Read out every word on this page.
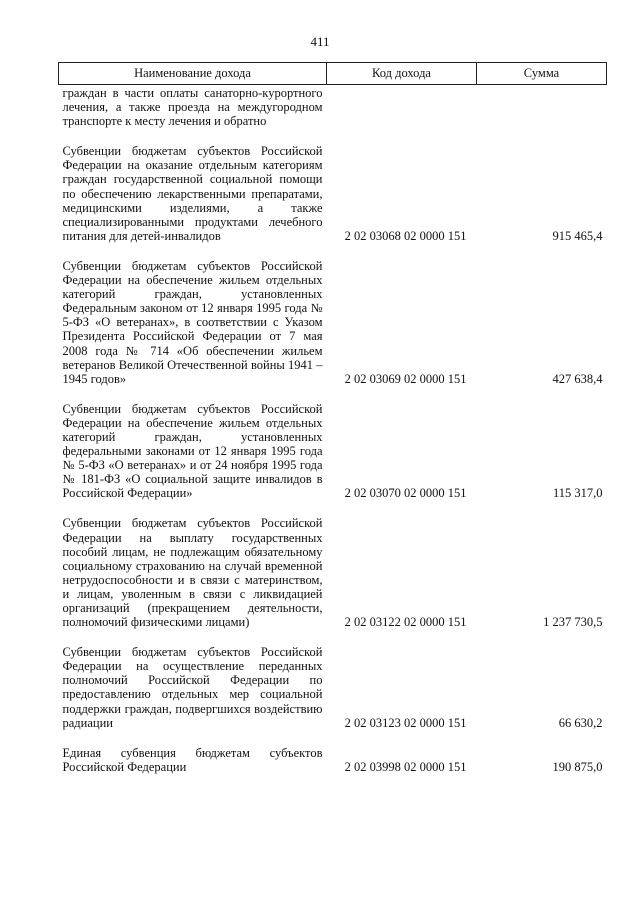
411
Наименование дохода	Код дохода	Сумма
граждан в части оплаты санаторно-курортного лечения, а также проезда на междугородном транспорте к месту лечения и обратно		
Субвенции бюджетам субъектов Российской Федерации на оказание отдельным категориям граждан государственной социальной помощи по обеспечению лекарственными препаратами, медицинскими изделиями, а также специализированными продуктами лечебного питания для детей-инвалидов	2 02 03068 02 0000 151	915 465,4
Субвенции бюджетам субъектов Российской Федерации на обеспечение жильем отдельных категорий граждан, установленных Федеральным законом от 12 января 1995 года № 5-ФЗ «О ветеранах», в соответствии с Указом Президента Российской Федерации от 7 мая 2008 года № 714 «Об обеспечении жильем ветеранов Великой Отечественной войны 1941 – 1945 годов»	2 02 03069 02 0000 151	427 638,4
Субвенции бюджетам субъектов Российской Федерации на обеспечение жильем отдельных категорий граждан, установленных федеральными законами от 12 января 1995 года № 5-ФЗ «О ветеранах» и от 24 ноября 1995 года № 181-ФЗ «О социальной защите инвалидов в Российской Федерации»	2 02 03070 02 0000 151	115 317,0
Субвенции бюджетам субъектов Российской Федерации на выплату государственных пособий лицам, не подлежащим обязательному социальному страхованию на случай временной нетрудоспособности и в связи с материнством, и лицам, уволенным в связи с ликвидацией организаций (прекращением деятельности, полномочий физическими лицами)	2 02 03122 02 0000 151	1 237 730,5
Субвенции бюджетам субъектов Российской Федерации на осуществление переданных полномочий Российской Федерации по предоставлению отдельных мер социальной поддержки граждан, подвергшихся воздействию радиации	2 02 03123 02 0000 151	66 630,2
Единая субвенция бюджетам субъектов Российской Федерации	2 02 03998 02 0000 151	190 875,0
